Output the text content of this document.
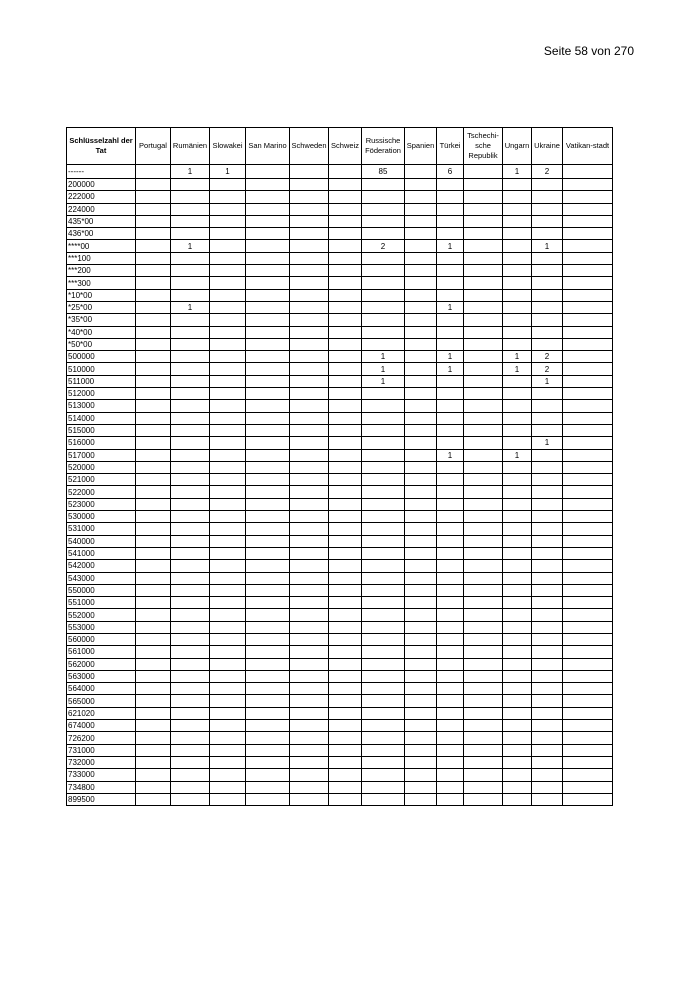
Seite 58 von 270
Schlüsselzahl der Tat	Portugal	Rumänien	Slowakei	San Marino	Schweden	Schweiz	Russische Föderation	Spanien	Türkei	Tschechi-sche Republik	Ungarn	Ukraine	Vatikan-stadt
------		1	1				85		6		1	2	
200000													
222000													
224000													
435*00													
436*00													
****00		1					2		1			1	
***100													
***200													
***300													
*10*00													
*25*00		1							1				
*35*00													
*40*00													
*50*00													
500000							1		1		1	2	
510000							1		1		1	2	
511000							1					1	
512000													
513000													
514000													
515000													
516000												1	
517000									1		1		
520000													
521000													
522000													
523000													
530000													
531000													
540000													
541000													
542000													
543000													
550000													
551000													
552000													
553000													
560000													
561000													
562000													
563000													
564000													
565000													
621020													
674000													
726200													
731000													
732000													
733000													
734800													
899500													
